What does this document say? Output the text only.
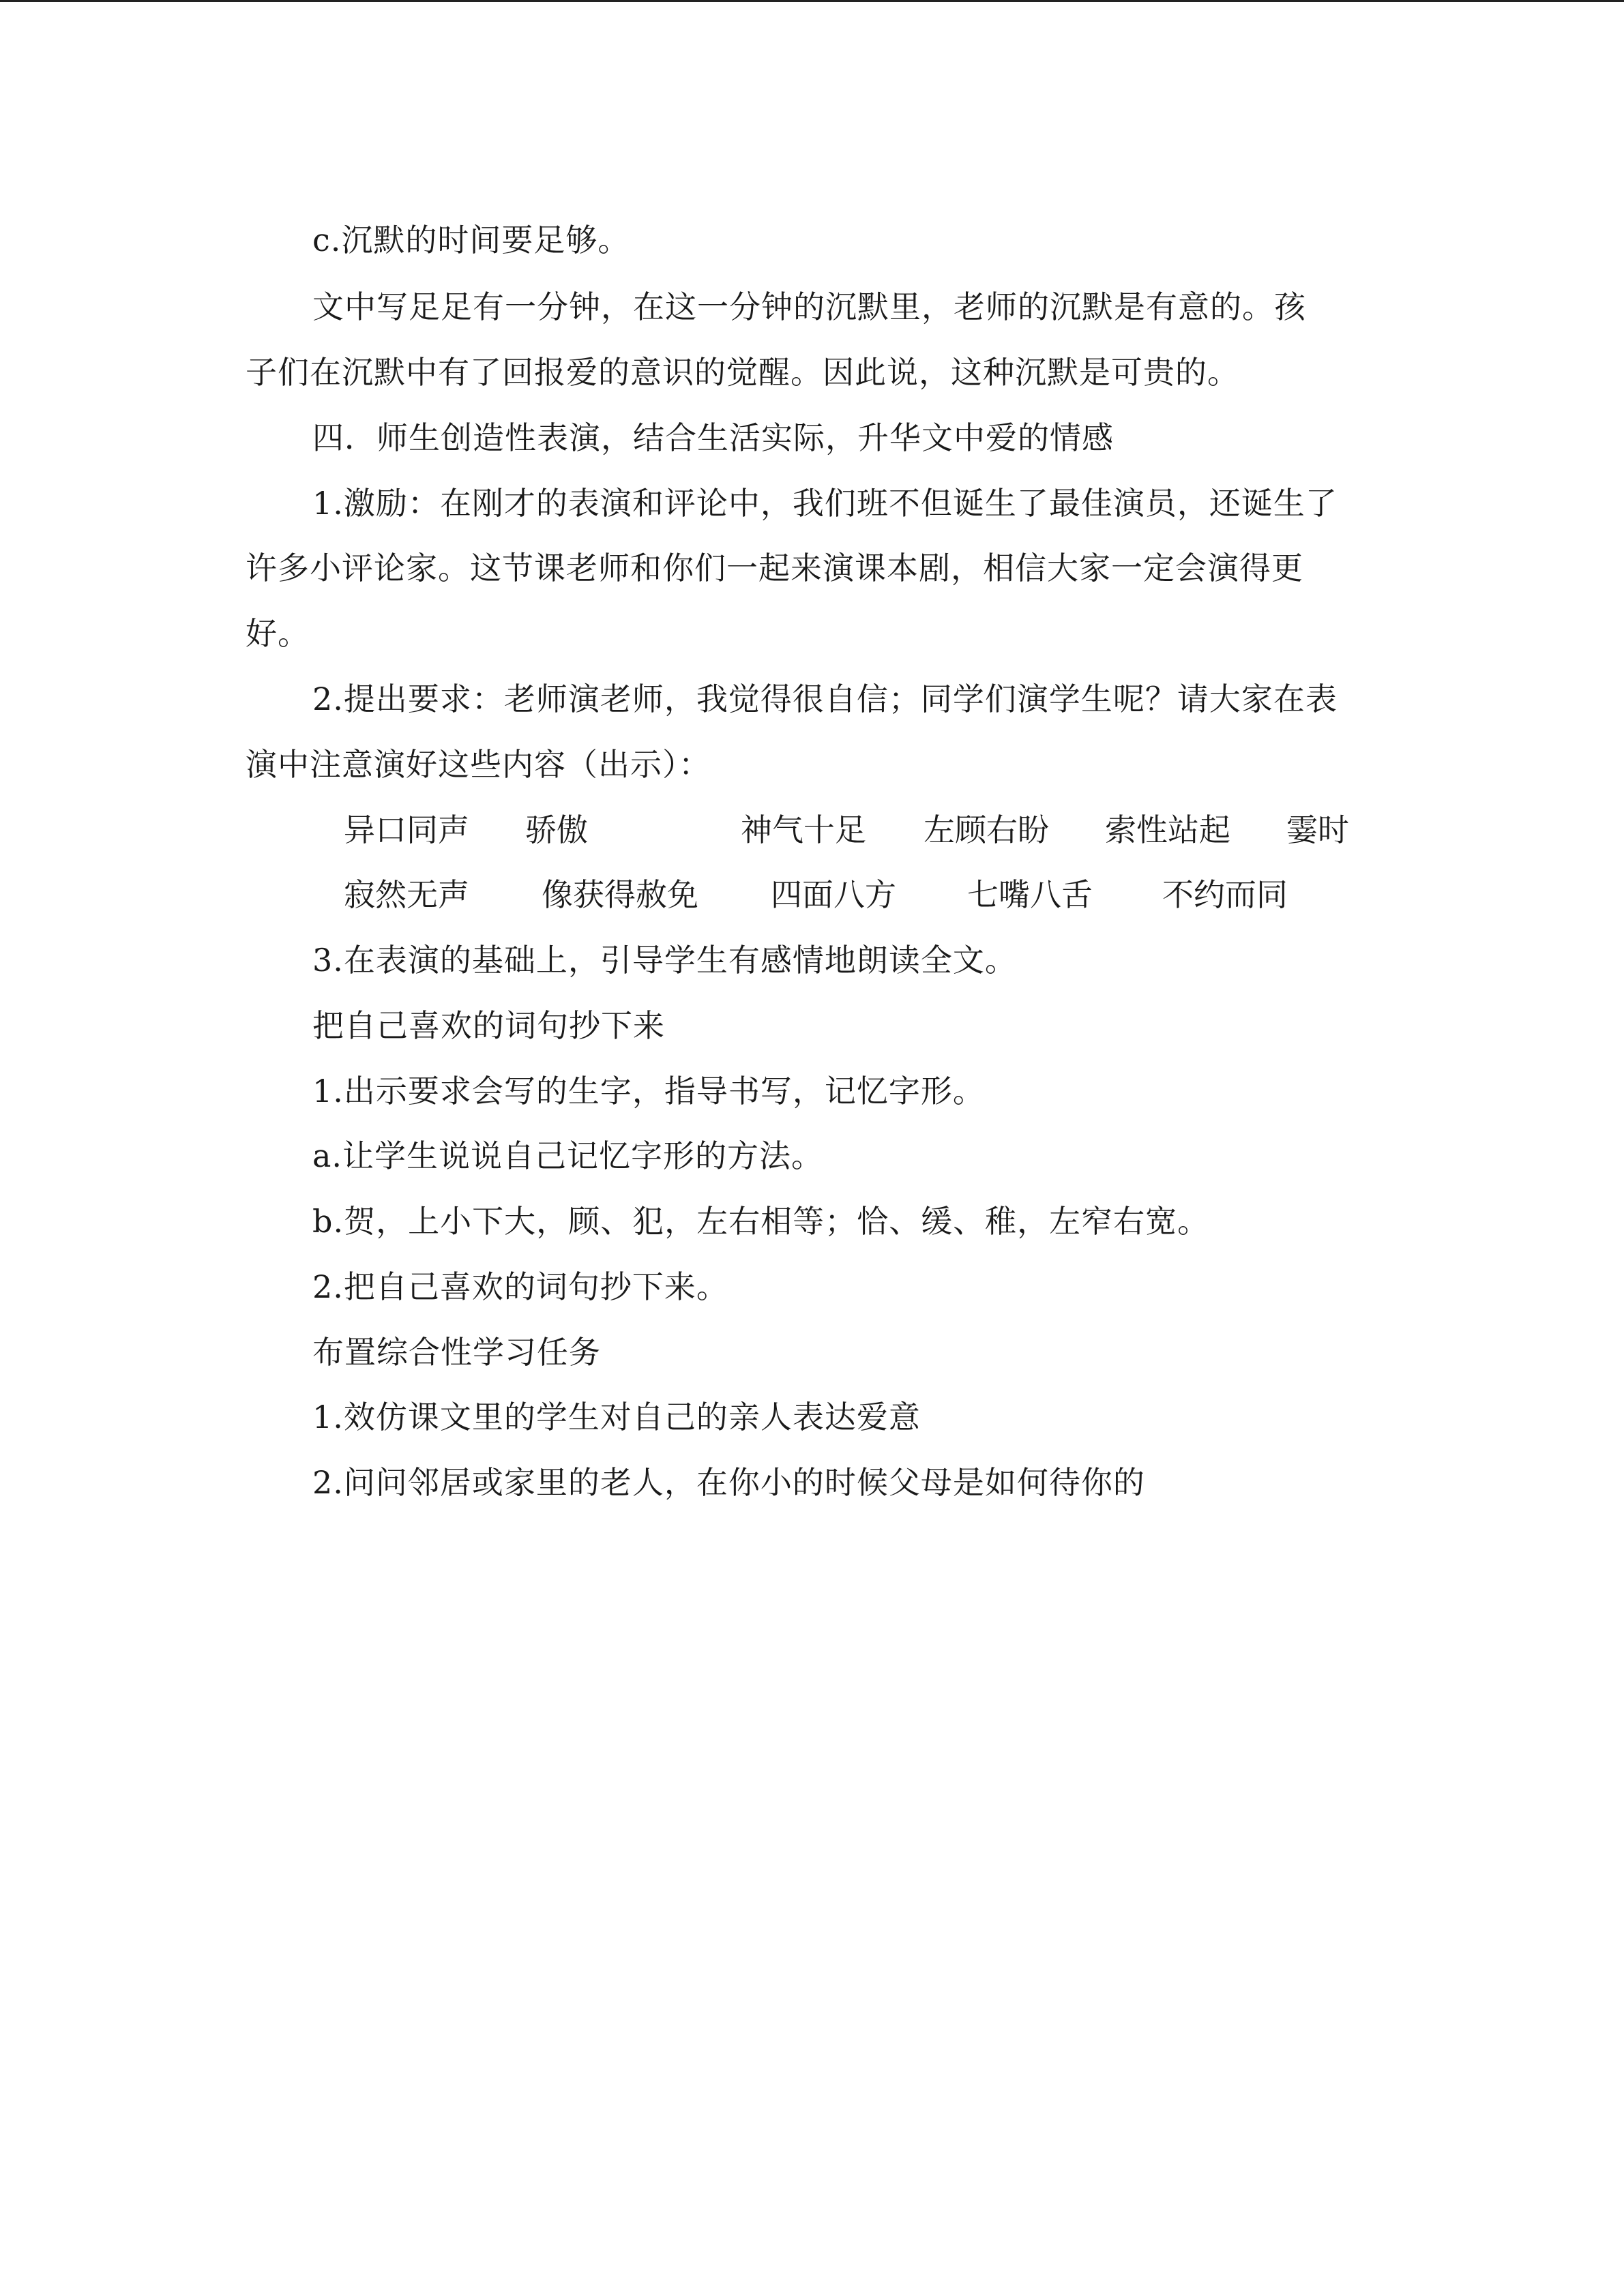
c.沉默的时间要足够。
文中写足足有一分钟，在这一分钟的沉默里，老师的沉默是有意的。孩
子们在沉默中有了回报爱的意识的觉醒。因此说，这种沉默是可贵的。
四．师生创造性表演，结合生活实际，升华文中爱的情感
1.激励：在刚才的表演和评论中，我们班不但诞生了最佳演员，还诞生了
许多小评论家。这节课老师和你们一起来演课本剧，相信大家一定会演得更
好。
2.提出要求：老师演老师，我觉得很自信；同学们演学生呢？请大家在表
演中注意演好这些内容（出示）：
异口同声 骄傲	神气十足 左顾右盼 索性站起 霎时
寂然无声 像获得赦免 四面八方 七嘴八舌 不约而同
3.在表演的基础上，引导学生有感情地朗读全文。
把自己喜欢的词句抄下来
1.出示要求会写的生字，指导书写，记忆字形。
a.让学生说说自己记忆字形的方法。
b.贺，上小下大，顾、犯，左右相等；恰、缓、稚，左窄右宽。
2.把自己喜欢的词句抄下来。
布置综合性学习任务
1.效仿课文里的学生对自己的亲人表达爱意
2.问问邻居或家里的老人，在你小的时候父母是如何待你的
